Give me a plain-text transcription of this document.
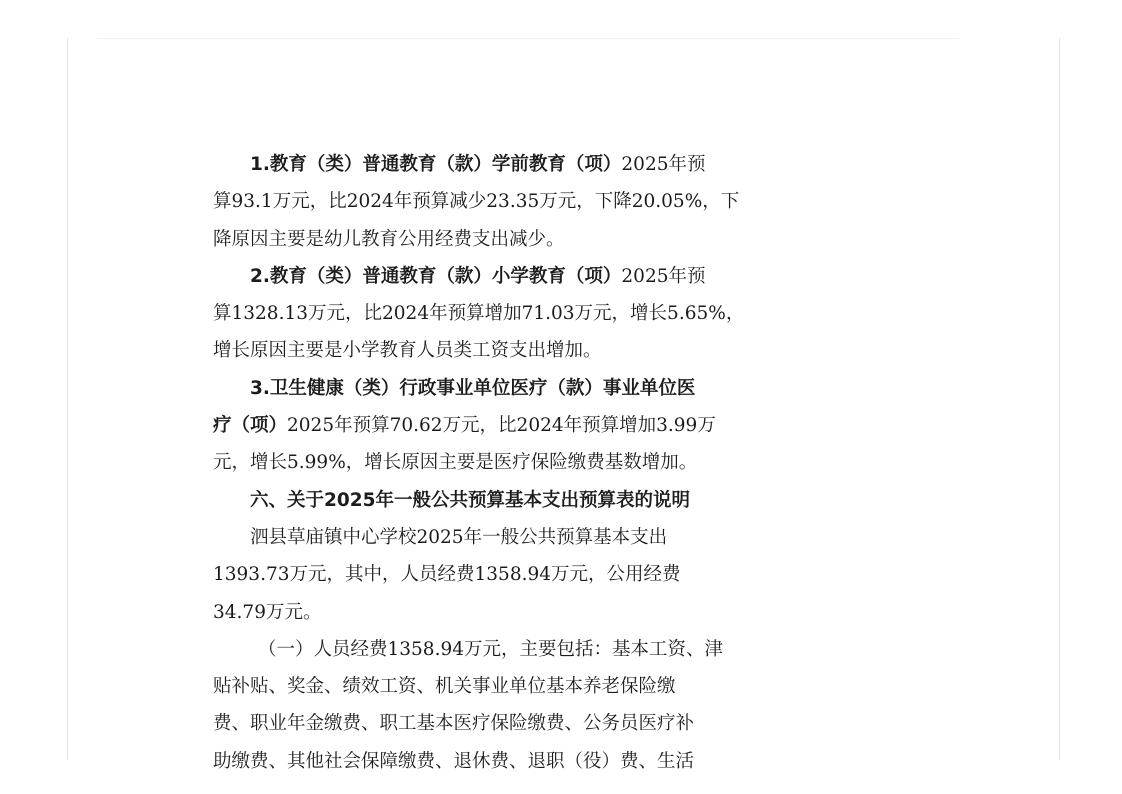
1.教育（类）普通教育（款）学前教育（项）2025年预
算93.1万元，比2024年预算减少23.35万元，下降20.05%，下
降原因主要是幼儿教育公用经费支出减少。
2.教育（类）普通教育（款）小学教育（项）2025年预
算1328.13万元，比2024年预算增加71.03万元，增长5.65%，
增长原因主要是小学教育人员类工资支出增加。
3.卫生健康（类）行政事业单位医疗（款）事业单位医
疗（项）2025年预算70.62万元，比2024年预算增加3.99万
元，增长5.99%，增长原因主要是医疗保险缴费基数增加。
六、关于2025年一般公共预算基本支出预算表的说明
泗县草庙镇中心学校2025年一般公共预算基本支出
1393.73万元，其中，人员经费1358.94万元，公用经费
34.79万元。
（一）人员经费1358.94万元，主要包括：基本工资、津
贴补贴、奖金、绩效工资、机关事业单位基本养老保险缴
费、职业年金缴费、职工基本医疗保险缴费、公务员医疗补
助缴费、其他社会保障缴费、退休费、退职（役）费、生活
